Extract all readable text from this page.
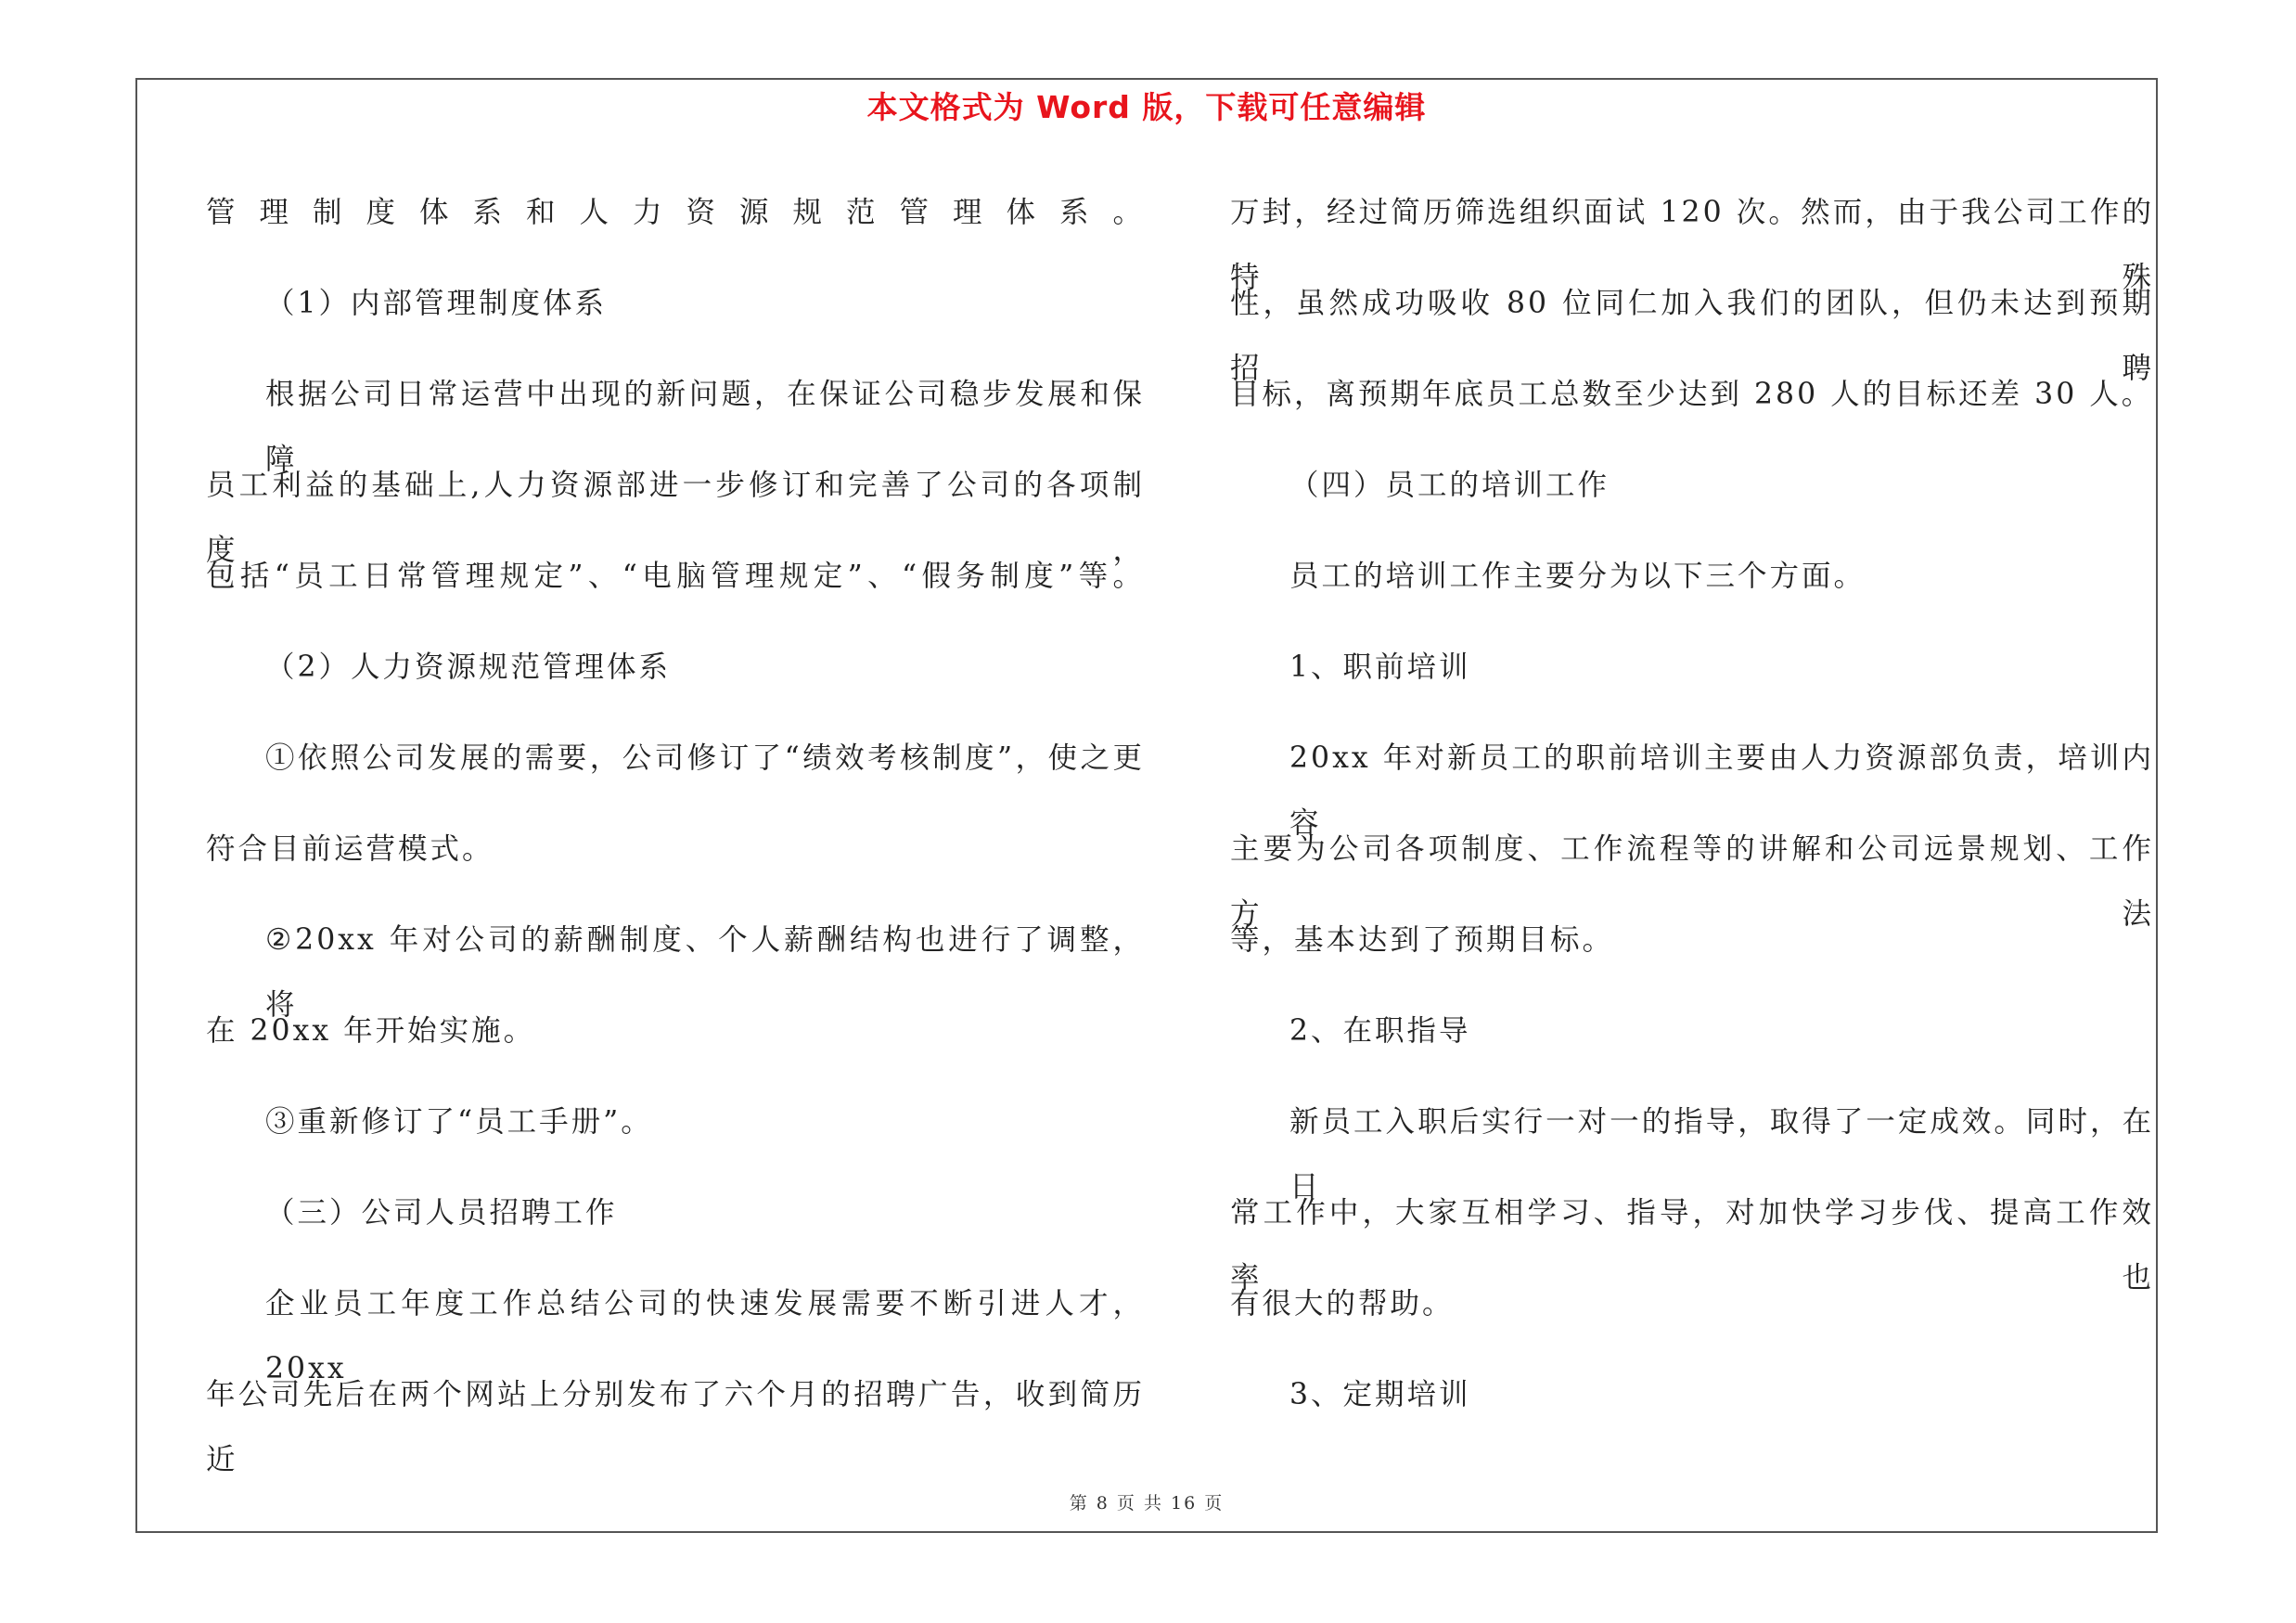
本文格式为 Word 版，下载可任意编辑
管理制度体系和人力资源规范管理体系。
（1）内部管理制度体系
根据公司日常运营中出现的新问题，在保证公司稳步发展和保障
员工利益的基础上,人力资源部进一步修订和完善了公司的各项制度，
包括“员工日常管理规定”、“电脑管理规定”、“假务制度”等。
（2）人力资源规范管理体系
①依照公司发展的需要，公司修订了“绩效考核制度”，使之更
符合目前运营模式。
②20xx 年对公司的薪酬制度、个人薪酬结构也进行了调整，将
在 20xx 年开始实施。
③重新修订了“员工手册”。
（三）公司人员招聘工作
企业员工年度工作总结公司的快速发展需要不断引进人才，20xx
年公司先后在两个网站上分别发布了六个月的招聘广告，收到简历近
万封，经过简历筛选组织面试 120 次。然而，由于我公司工作的特殊
性，虽然成功吸收 80 位同仁加入我们的团队，但仍未达到预期招聘
目标，离预期年底员工总数至少达到 280 人的目标还差 30 人。
（四）员工的培训工作
员工的培训工作主要分为以下三个方面。
1、职前培训
20xx 年对新员工的职前培训主要由人力资源部负责，培训内容
主要为公司各项制度、工作流程等的讲解和公司远景规划、工作方法
等，基本达到了预期目标。
2、在职指导
新员工入职后实行一对一的指导，取得了一定成效。同时，在日
常工作中，大家互相学习、指导，对加快学习步伐、提高工作效率也
有很大的帮助。
3、定期培训
第 8 页 共 16 页
